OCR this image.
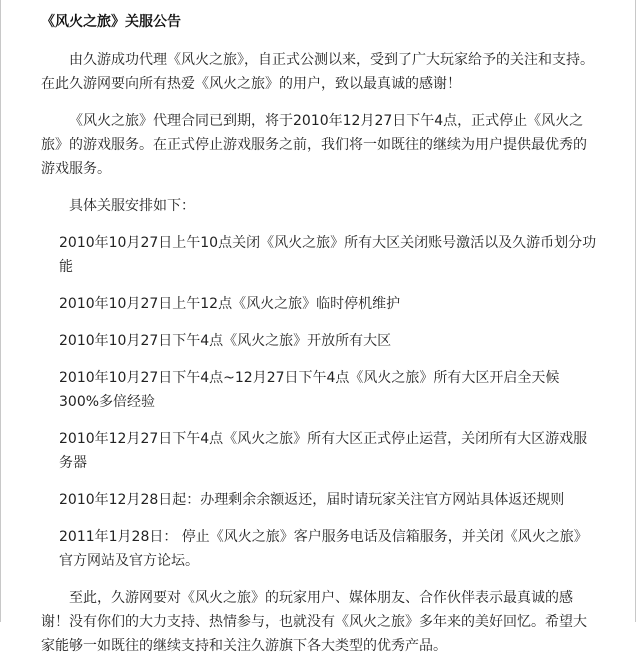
《风火之旅》关服公告

由久游成功代理《风火之旅》，自正式公测以来，受到了广大玩家给予的关注和支持。在此久游网要向所有热爱《风火之旅》的用户，致以最真诚的感谢！

《风火之旅》代理合同已到期，将于2010年12月27日下午4点，正式停止《风火之旅》的游戏服务。在正式停止游戏服务之前，我们将一如既往的继续为用户提供最优秀的游戏服务。

具体关服安排如下：

2010年10月27日上午10点关闭《风火之旅》所有大区关闭账号激活以及久游币划分功能

2010年10月27日上午12点《风火之旅》临时停机维护

2010年10月27日下午4点《风火之旅》开放所有大区

2010年10月27日下午4点~12月27日下午4点《风火之旅》所有大区开启全天候300%多倍经验

2010年12月27日下午4点《风火之旅》所有大区正式停止运营，关闭所有大区游戏服务器

2010年12月28日起：办理剩余余额返还，届时请玩家关注官方网站具体返还规则

2011年1月28日： 停止《风火之旅》客户服务电话及信箱服务，并关闭《风火之旅》官方网站及官方论坛。

至此，久游网要对《风火之旅》的玩家用户、媒体朋友、合作伙伴表示最真诚的感谢！没有你们的大力支持、热情参与，也就没有《风火之旅》多年来的美好回忆。希望大家能够一如既往的继续支持和关注久游旗下各大类型的优秀产品。
